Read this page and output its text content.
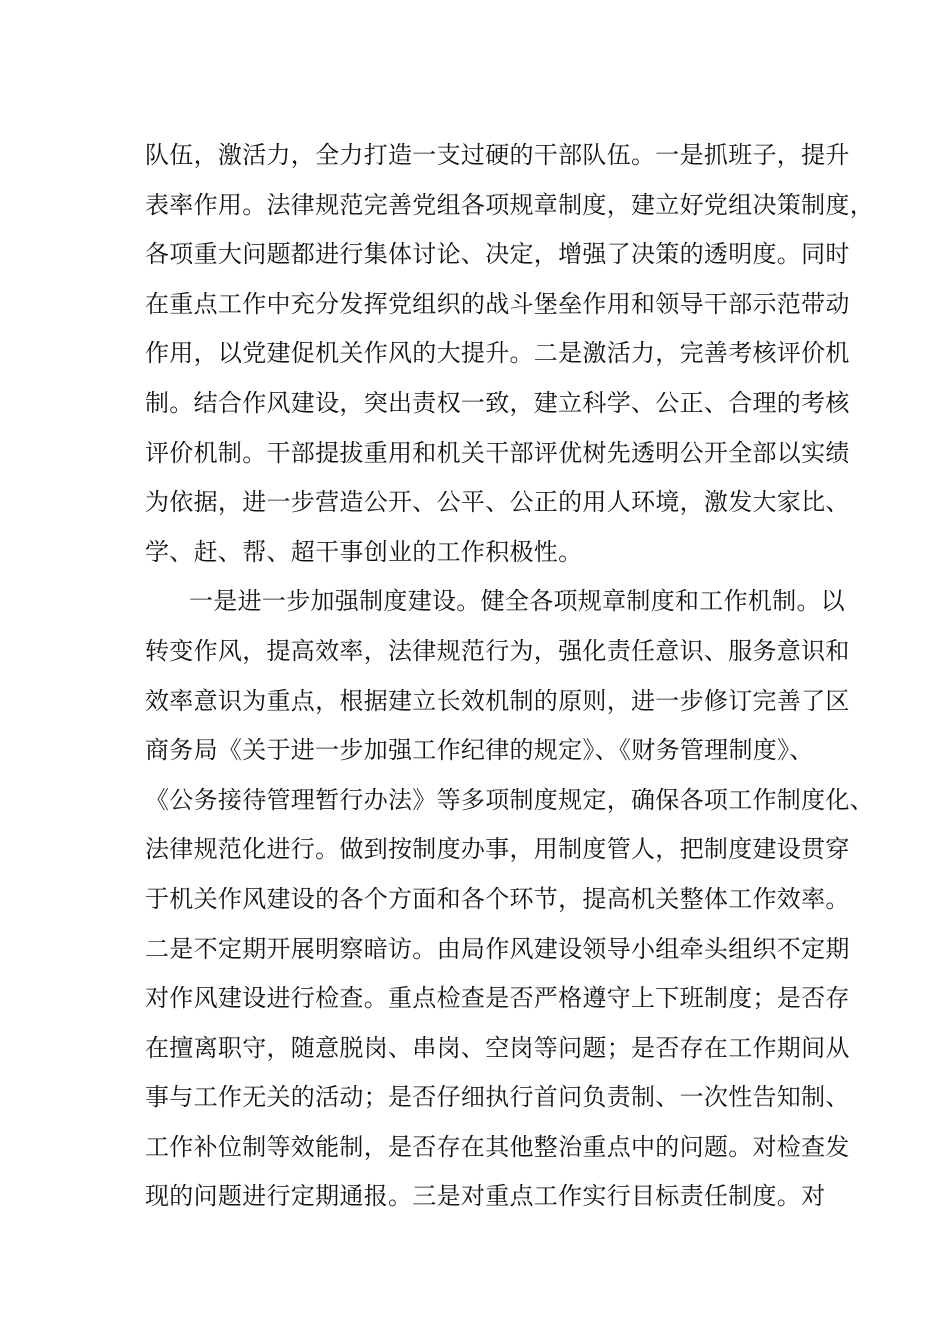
队伍，激活力，全力打造一支过硬的干部队伍。一是抓班子，提升
表率作用。法律规范完善党组各项规章制度，建立好党组决策制度，
各项重大问题都进行集体讨论、决定，增强了决策的透明度。同时
在重点工作中充分发挥党组织的战斗堡垒作用和领导干部示范带动
作用，以党建促机关作风的大提升。二是激活力，完善考核评价机
制。结合作风建设，突出责权一致，建立科学、公正、合理的考核
评价机制。干部提拔重用和机关干部评优树先透明公开全部以实绩
为依据，进一步营造公开、公平、公正的用人环境，激发大家比、
学、赶、帮、超干事创业的工作积极性。
一是进一步加强制度建设。健全各项规章制度和工作机制。以
转变作风，提高效率，法律规范行为，强化责任意识、服务意识和
效率意识为重点，根据建立长效机制的原则，进一步修订完善了区
商务局《关于进一步加强工作纪律的规定》、《财务管理制度》、
《公务接待管理暂行办法》等多项制度规定，确保各项工作制度化、
法律规范化进行。做到按制度办事，用制度管人，把制度建设贯穿
于机关作风建设的各个方面和各个环节，提高机关整体工作效率。
二是不定期开展明察暗访。由局作风建设领导小组牵头组织不定期
对作风建设进行检查。重点检查是否严格遵守上下班制度；是否存
在擅离职守，随意脱岗、串岗、空岗等问题；是否存在工作期间从
事与工作无关的活动；是否仔细执行首问负责制、一次性告知制、
工作补位制等效能制，是否存在其他整治重点中的问题。对检查发
现的问题进行定期通报。三是对重点工作实行目标责任制度。对
